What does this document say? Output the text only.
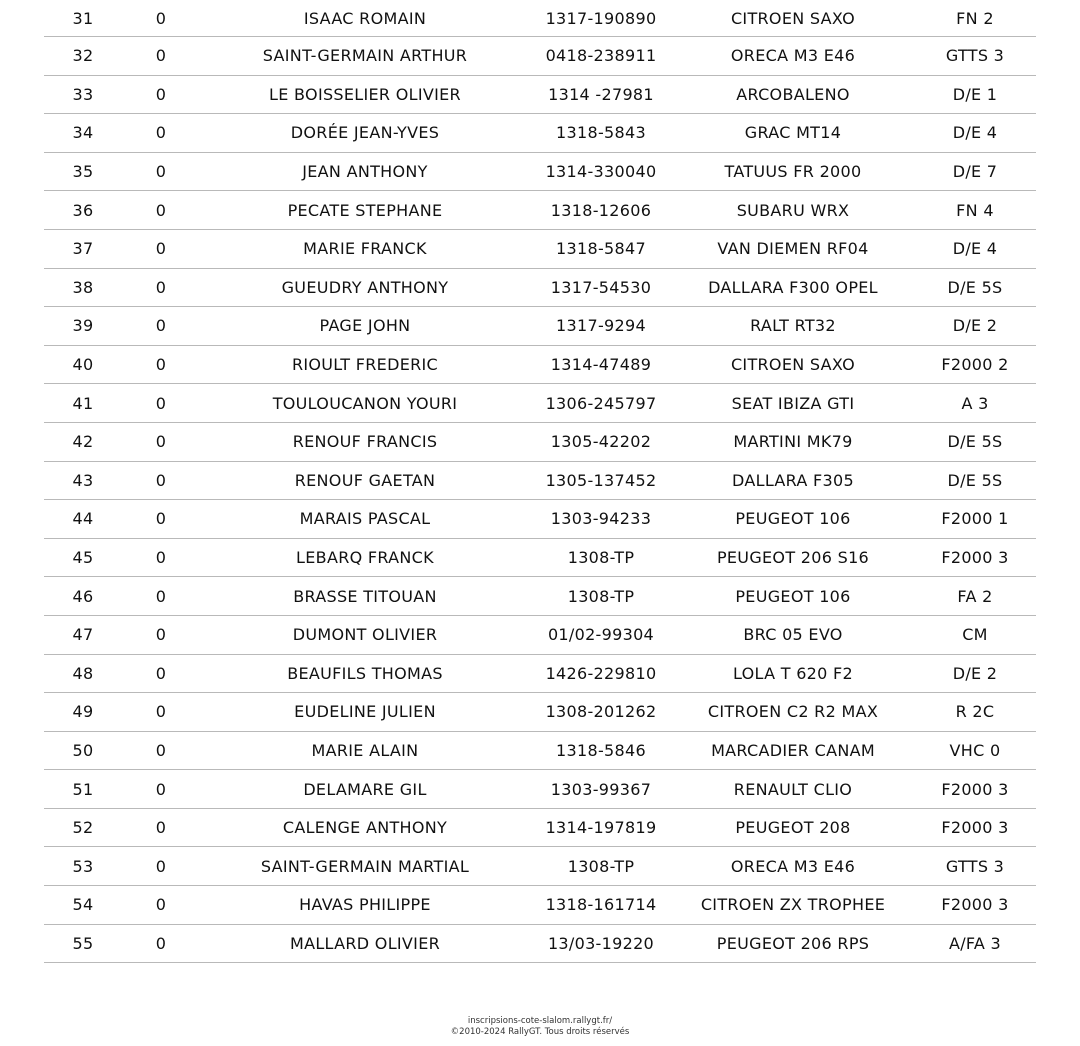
31	0	ISAAC ROMAIN	1317-190890	CITROEN SAXO	FN 2
32	0	SAINT-GERMAIN ARTHUR	0418-238911	ORECA M3 E46	GTTS 3
33	0	LE BOISSELIER OLIVIER	1314 -27981	ARCOBALENO	D/E 1
34	0	DORÉE JEAN-YVES	1318-5843	GRAC MT14	D/E 4
35	0	JEAN ANTHONY	1314-330040	TATUUS FR 2000	D/E 7
36	0	PECATE STEPHANE	1318-12606	SUBARU WRX	FN 4
37	0	MARIE FRANCK	1318-5847	VAN DIEMEN RF04	D/E 4
38	0	GUEUDRY ANTHONY	1317-54530	DALLARA F300 OPEL	D/E 5S
39	0	PAGE JOHN	1317-9294	RALT RT32	D/E 2
40	0	RIOULT FREDERIC	1314-47489	CITROEN SAXO	F2000 2
41	0	TOULOUCANON YOURI	1306-245797	SEAT IBIZA GTI	A 3
42	0	RENOUF FRANCIS	1305-42202	MARTINI MK79	D/E 5S
43	0	RENOUF GAETAN	1305-137452	DALLARA F305	D/E 5S
44	0	MARAIS PASCAL	1303-94233	PEUGEOT 106	F2000 1
45	0	LEBARQ FRANCK	1308-TP	PEUGEOT 206 S16	F2000 3
46	0	BRASSE TITOUAN	1308-TP	PEUGEOT 106	FA 2
47	0	DUMONT OLIVIER	01/02-99304	BRC 05 EVO	CM
48	0	BEAUFILS THOMAS	1426-229810	LOLA T 620 F2	D/E 2
49	0	EUDELINE JULIEN	1308-201262	CITROEN C2 R2 MAX	R 2C
50	0	MARIE ALAIN	1318-5846	MARCADIER CANAM	VHC 0
51	0	DELAMARE GIL	1303-99367	RENAULT CLIO	F2000 3
52	0	CALENGE ANTHONY	1314-197819	PEUGEOT 208	F2000 3
53	0	SAINT-GERMAIN MARTIAL	1308-TP	ORECA M3 E46	GTTS 3
54	0	HAVAS PHILIPPE	1318-161714	CITROEN ZX TROPHEE	F2000 3
55	0	MALLARD OLIVIER	13/03-19220	PEUGEOT 206 RPS	A/FA 3
inscripsions-cote-slalom.rallygt.fr/
©2010-2024 RallyGT. Tous droits réservés
